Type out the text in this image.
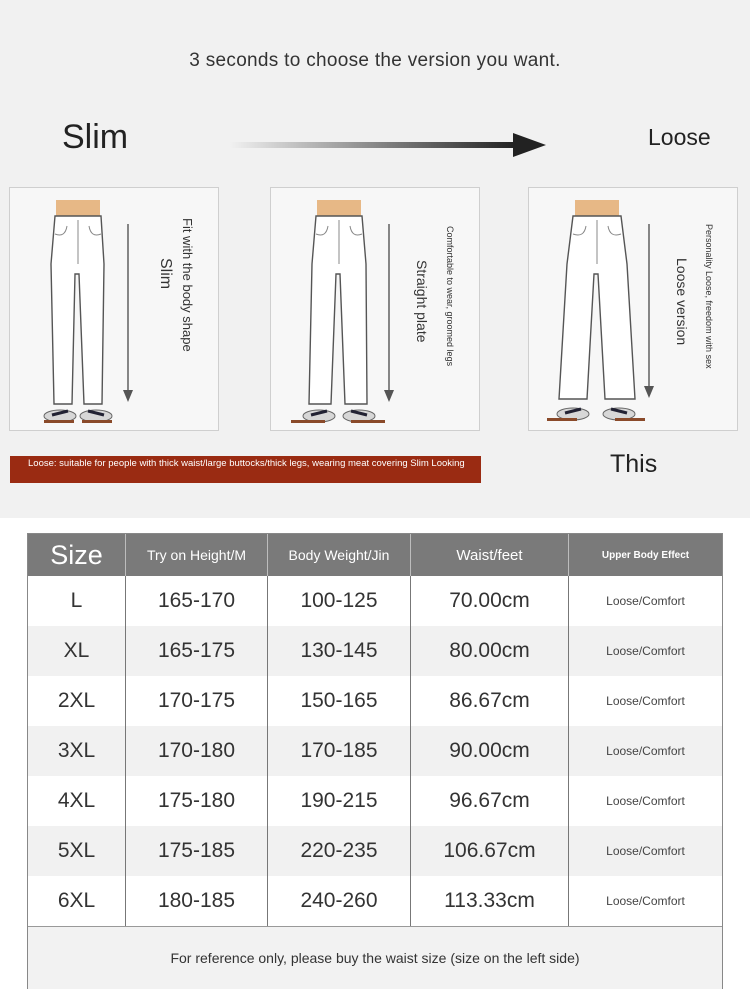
3 seconds to choose the version you want.
Slim	Loose
Fit with the body shape
Slim	Comfortable to wear, groomed legs
Straight plate	Personality Loose, freedom with sex
Loose version
Loose: suitable for people with thick waist/large buttocks/thick legs, wearing meat covering Slim Looking	This
Size	Try on Height/M	Body Weight/Jin	Waist/feet	Upper Body Effect
L	165-170	100-125	70.00cm	Loose/Comfort
XL	165-175	130-145	80.00cm	Loose/Comfort
2XL	170-175	150-165	86.67cm	Loose/Comfort
3XL	170-180	170-185	90.00cm	Loose/Comfort
4XL	175-180	190-215	96.67cm	Loose/Comfort
5XL	175-185	220-235	106.67cm	Loose/Comfort
6XL	180-185	240-260	113.33cm	Loose/Comfort
For reference only, please buy the waist size (size on the left side)
